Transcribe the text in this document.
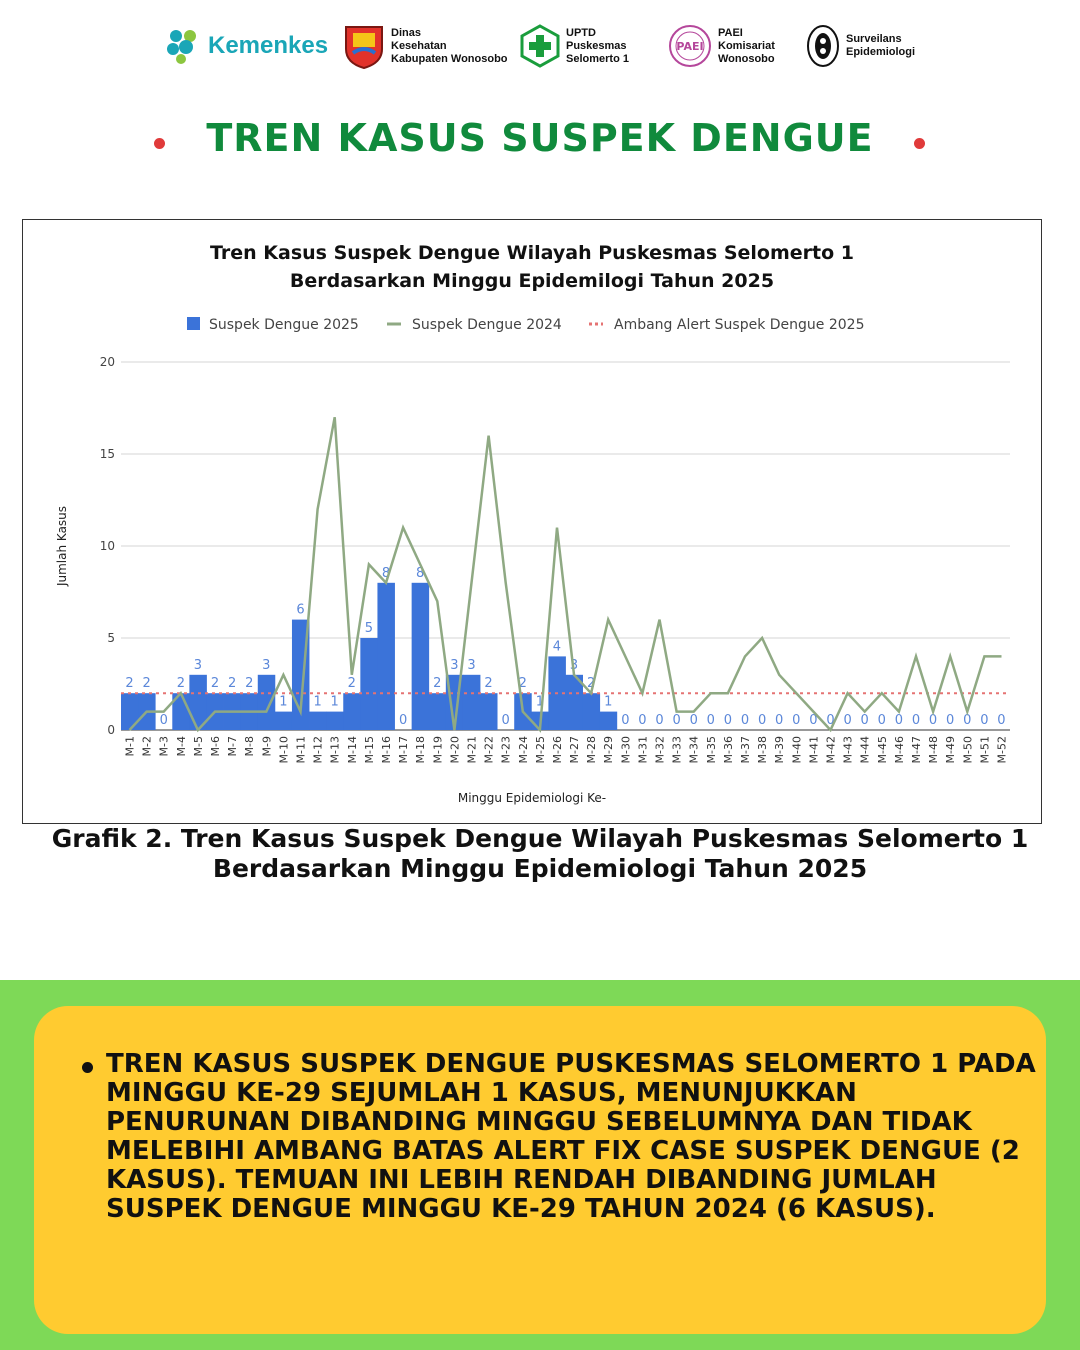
Kemenkes	Dinas
Kesehatan
Kabupaten Wonosobo
UPTD
Puskesmas
Selomerto 1
PAEI
PAEI
Komisariat
Wonosobo
Surveilans
Epidemiologi
TREN KASUS SUSPEK DENGUE
Tren Kasus Suspek Dengue Wilayah Puskesmas Selomerto 1
Berdasarkan Minggu Epidemilogi Tahun 2025
Suspek Dengue 2025	Suspek Dengue 2024	Ambang Alert Suspek Dengue 2025
0
5
10
15
20
2 2
0
2
3
2 2 2
3
1
6
1 1
2
5
8
0
8
2
3 3
2
0
2
1
4
3
2
1
0 0 0 0 0 0 0 0 0 0 0 0 0 0 0 0 0 0 0 0 0 0 0
M-1 M-2 M-3 M-4 M-5 M-6 M-7 M-8 M-9 M-10 M-11 M-12 M-13 M-14 M-15 M-16 M-17 M-18 M-19 M-20 M-21 M-22 M-23 M-24 M-25 M-26 M-27 M-28 M-29 M-30 M-31 M-32 M-33 M-34 M-35 M-36 M-37 M-38 M-39 M-40 M-41 M-42 M-43 M-44 M-45 M-46 M-47 M-48 M-49 M-50 M-51 M-52
Jumlah Kasus
Minggu Epidemiologi Ke-
Grafik 2. Tren Kasus Suspek Dengue Wilayah Puskesmas Selomerto 1
Berdasarkan Minggu Epidemiologi Tahun 2025
TREN KASUS SUSPEK DENGUE PUSKESMAS SELOMERTO 1 PADA MINGGU KE-29 SEJUMLAH 1 KASUS, MENUNJUKKAN PENURUNAN DIBANDING MINGGU SEBELUMNYA DAN TIDAK MELEBIHI AMBANG BATAS ALERT FIX CASE SUSPEK DENGUE (2 KASUS). TEMUAN INI LEBIH RENDAH DIBANDING JUMLAH SUSPEK DENGUE MINGGU KE-29 TAHUN 2024 (6 KASUS).
